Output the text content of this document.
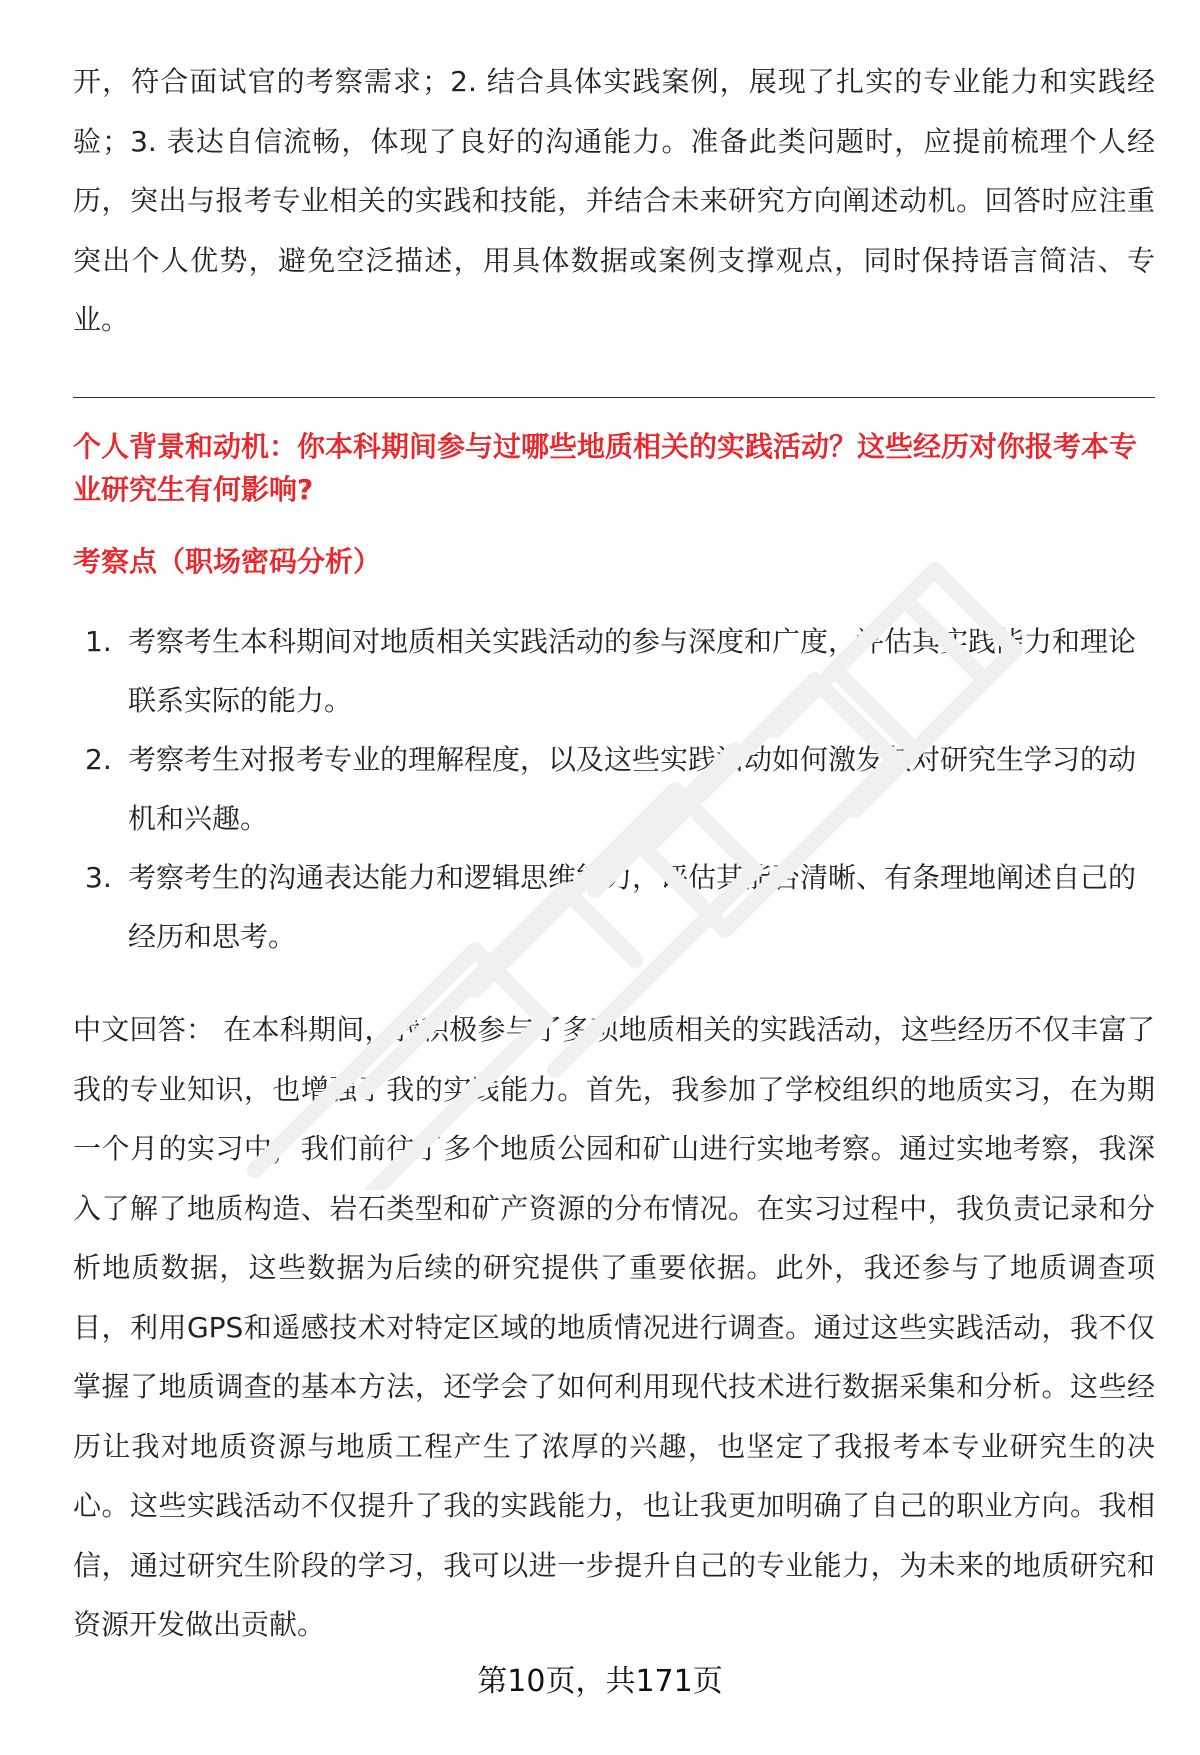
开，符合面试官的考察需求；2. 结合具体实践案例，展现了扎实的专业能力和实践经验；3. 表达自信流畅，体现了良好的沟通能力。准备此类问题时，应提前梳理个人经历，突出与报考专业相关的实践和技能，并结合未来研究方向阐述动机。回答时应注重突出个人优势，避免空泛描述，用具体数据或案例支撑观点，同时保持语言简洁、专业。

个人背景和动机：你本科期间参与过哪些地质相关的实践活动？这些经历对你报考本专业研究生有何影响?

考察点（职场密码分析）

1. 考察考生本科期间对地质相关实践活动的参与深度和广度，评估其实践能力和理论联系实际的能力。
2. 考察考生对报考专业的理解程度，以及这些实践活动如何激发其对研究生学习的动机和兴趣。
3. 考察考生的沟通表达能力和逻辑思维能力，评估其能否清晰、有条理地阐述自己的经历和思考。

中文回答： 在本科期间，我积极参与了多项地质相关的实践活动，这些经历不仅丰富了我的专业知识，也增强了我的实践能力。首先，我参加了学校组织的地质实习，在为期一个月的实习中，我们前往了多个地质公园和矿山进行实地考察。通过实地考察，我深入了解了地质构造、岩石类型和矿产资源的分布情况。在实习过程中，我负责记录和分析地质数据，这些数据为后续的研究提供了重要依据。此外，我还参与了地质调查项目，利用GPS和遥感技术对特定区域的地质情况进行调查。通过这些实践活动，我不仅掌握了地质调查的基本方法，还学会了如何利用现代技术进行数据采集和分析。这些经历让我对地质资源与地质工程产生了浓厚的兴趣，也坚定了我报考本专业研究生的决心。这些实践活动不仅提升了我的实践能力，也让我更加明确了自己的职业方向。我相信，通过研究生阶段的学习，我可以进一步提升自己的专业能力，为未来的地质研究和资源开发做出贡献。

第10页，共171页
